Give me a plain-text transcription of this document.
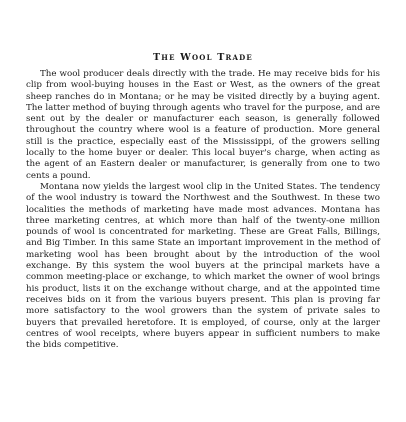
The Wool Trade

The wool producer deals directly with the trade. He may receive bids for his clip from wool-buying houses in the East or West, as the owners of the great sheep ranches do in Montana; or he may be visited directly by a buying agent. The latter method of buying through agents who travel for the purpose, and are sent out by the dealer or manufacturer each season, is generally followed throughout the country where wool is a feature of production. More general still is the practice, especially east of the Mississippi, of the growers selling locally to the home buyer or dealer. This local buyer's charge, when acting as the agent of an Eastern dealer or manufacturer, is generally from one to two cents a pound.

Montana now yields the largest wool clip in the United States. The tendency of the wool industry is toward the Northwest and the Southwest. In these two localities the methods of marketing have made most advances. Montana has three marketing centres, at which more than half of the twenty-one million pounds of wool is concentrated for marketing. These are Great Falls, Billings, and Big Timber. In this same State an important improvement in the method of marketing wool has been brought about by the introduction of the wool exchange. By this system the wool buyers at the principal markets have a common meeting-place or exchange, to which market the owner of wool brings his product, lists it on the exchange without charge, and at the appointed time receives bids on it from the various buyers present. This plan is proving far more satisfactory to the wool growers than the system of private sales to buyers that prevailed heretofore. It is employed, of course, only at the larger centres of wool receipts, where buyers appear in sufficient numbers to make the bids competitive.
